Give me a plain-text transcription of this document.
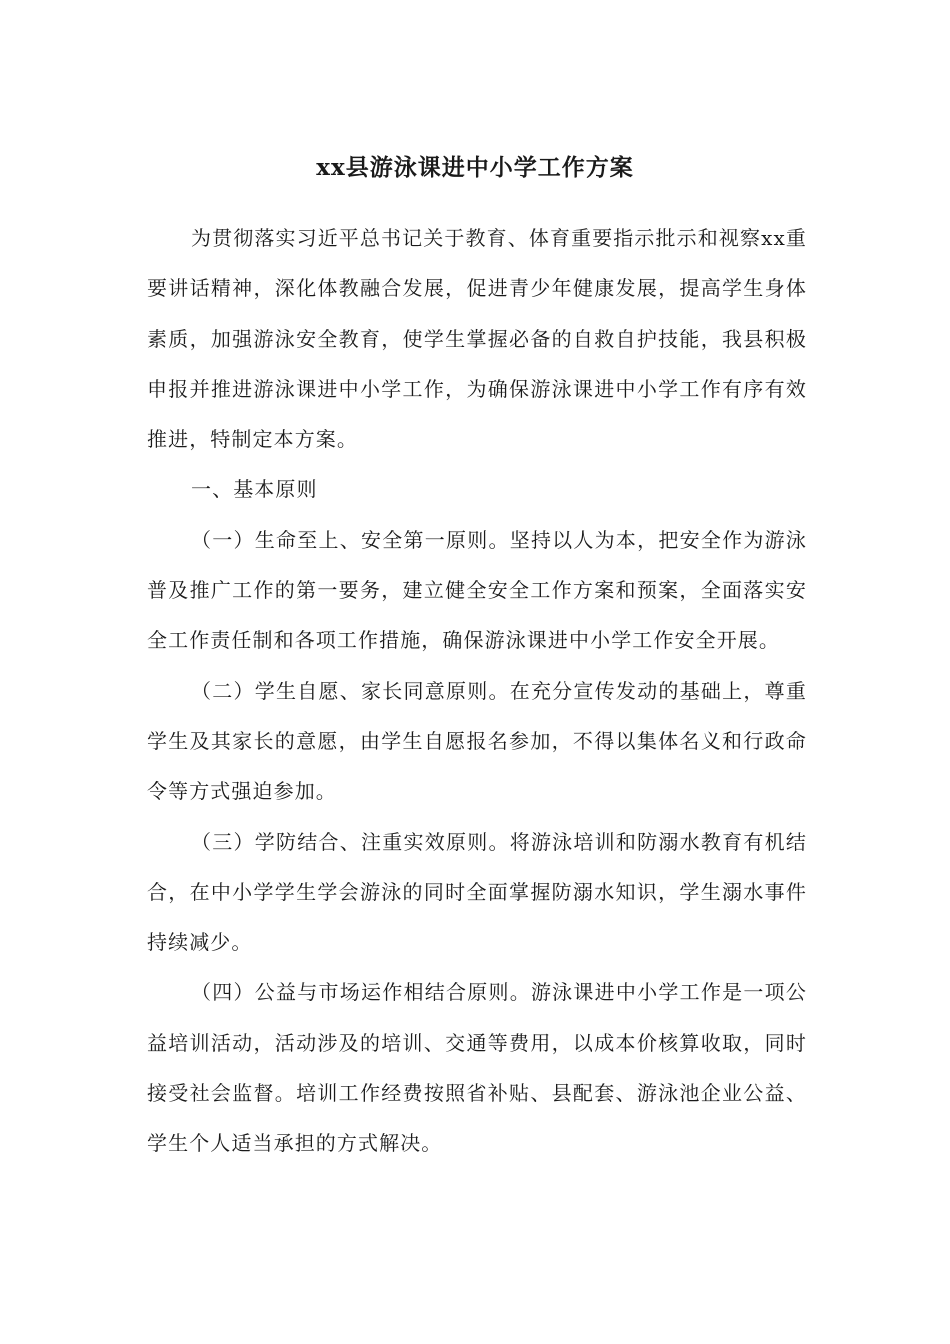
xx县游泳课进中小学工作方案

为贯彻落实习近平总书记关于教育、体育重要指示批示和视察xx重要讲话精神，深化体教融合发展，促进青少年健康发展，提高学生身体素质，加强游泳安全教育，使学生掌握必备的自救自护技能，我县积极申报并推进游泳课进中小学工作，为确保游泳课进中小学工作有序有效推进，特制定本方案。

一、基本原则

（一）生命至上、安全第一原则。坚持以人为本，把安全作为游泳普及推广工作的第一要务，建立健全安全工作方案和预案，全面落实安全工作责任制和各项工作措施，确保游泳课进中小学工作安全开展。

（二）学生自愿、家长同意原则。在充分宣传发动的基础上，尊重学生及其家长的意愿，由学生自愿报名参加，不得以集体名义和行政命令等方式强迫参加。

（三）学防结合、注重实效原则。将游泳培训和防溺水教育有机结合，在中小学学生学会游泳的同时全面掌握防溺水知识，学生溺水事件持续减少。

（四）公益与市场运作相结合原则。游泳课进中小学工作是一项公益培训活动，活动涉及的培训、交通等费用，以成本价核算收取，同时接受社会监督。培训工作经费按照省补贴、县配套、游泳池企业公益、学生个人适当承担的方式解决。
